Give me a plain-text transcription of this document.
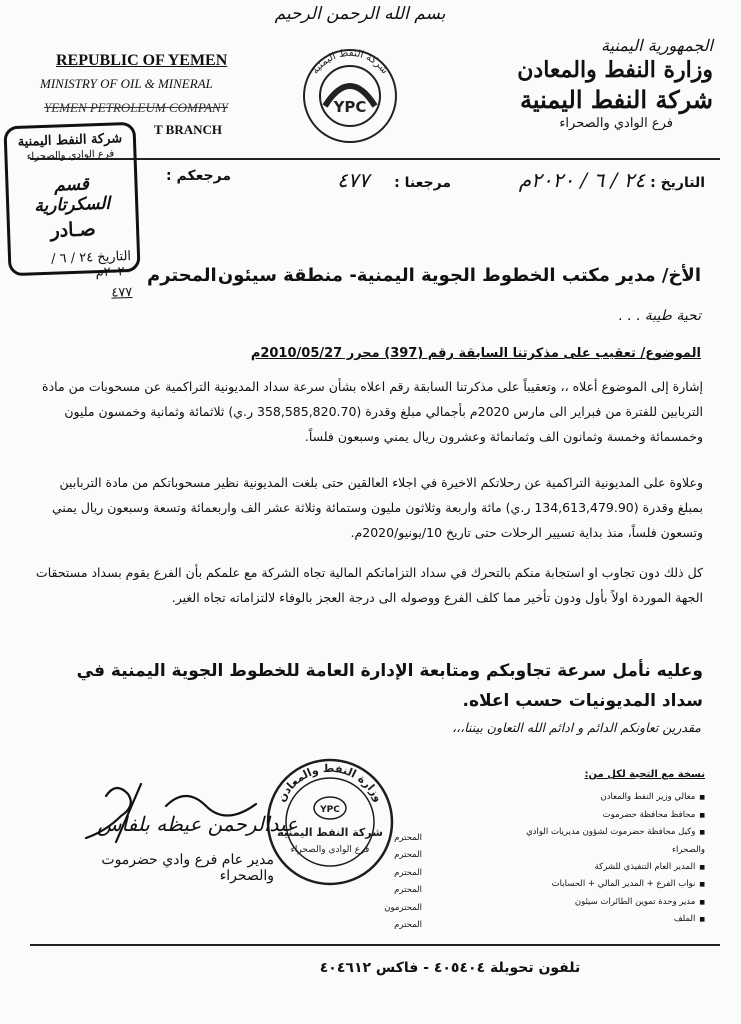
بسم الله الرحمن الرحيم
REPUBLIC OF YEMEN
MINISTRY OF OIL & MINERAL
YEMEN PETROLEUM COMPANY
T BRANCH
شركة النفط اليمنية
YPC
الجمهورية اليمنية
وزارة النفط والمعادن
شركة النفط اليمنية
فرع الوادي والصحراء
شركة النفط اليمنية
فرع الوادي والصحراء
قسم السكرتارية
صـادر
التاريخ ٢٤ / ٦ / ٢٠٢٠م
٤٧٧
التاريخ : ٢٤ / ٦ / ٢٠٢٠م
مرجعنا : ٤٧٧
مرجعكم :
الأخ/ مدير مكتب الخطوط الجوية اليمنية- منطقة سيئون
المحترم
تحية طيبة . . .
الموضوع/ تعقيب على مذكرتنا السابقة رقم (397) محرر 2010/05/27م
إشارة إلى الموضوع أعلاه ،، وتعقيباً على مذكرتنا السابقة رقم اعلاه بشأن سرعة سداد المديونية التراكمية عن مسحوبات من مادة التربابين للفترة من فبراير الى مارس 2020م بأجمالي مبلغ وقدرة (358,585,820.70 ر.ي) ثلاثمائة وثمانية وخمسون مليون وخمسمائة وخمسة وثمانون الف وثمانمائة وعشرون ريال يمني وسبعون فلساً.
وعلاوة على المديونية التراكمية عن رحلاتكم الاخيرة في اجلاء العالقين حتى بلغت المديونية نظير مسحوباتكم من مادة التربابين بمبلغ وقدرة (134,613,479.90 ر.ي) مائة واربعة وثلاثون مليون وستمائة وثلاثة عشر الف واربعمائة وتسعة وسبعون ريال يمني وتسعون فلساً، منذ بداية تسيير الرحلات حتى تاريخ 10/يونيو/2020م.
كل ذلك دون تجاوب او استجابة منكم بالتحرك في سداد التزاماتكم المالية تجاه الشركة مع علمكم بأن الفرع يقوم بسداد مستحقات الجهة الموردة اولاً بأول ودون تأخير مما كلف الفرع ووصوله الى درجة العجز بالوفاء لالتزاماته تجاه الغير.
وعليه نأمل سرعة تجاوبكم ومتابعة الإدارة العامة للخطوط الجوية اليمنية في سداد المديونيات حسب اعلاه.
مقدرين تعاونكم الدائم و ادائم الله التعاون بيننا،،،
نسخة مع التحية لكل من:
■ معالي وزير النفط والمعادن
■ محافظ محافظة حضرموت
■ وكيل محافظة حضرموت لشؤون مديريات الوادي والصحراء
■ المدير العام التنفيذي للشركة
■ نواب الفرع + المدير المالي + الحسابات
■ مدير وحدة تموين الطائرات سيئون
■ الملف
المحترم
المحترم
المحترم
المحترم
المحترمون
المحترم
وزارة النفط والمعادن
YPC
شركة النفط اليمنية
فرع الوادي والصحراء
عبدالرحمن عيظه بلفاس
مدير عام فرع وادي حضرموت والصحراء
تلفون تحويلة ٤٠٥٤٠٤ - فاكس ٤٠٤٦١٢
